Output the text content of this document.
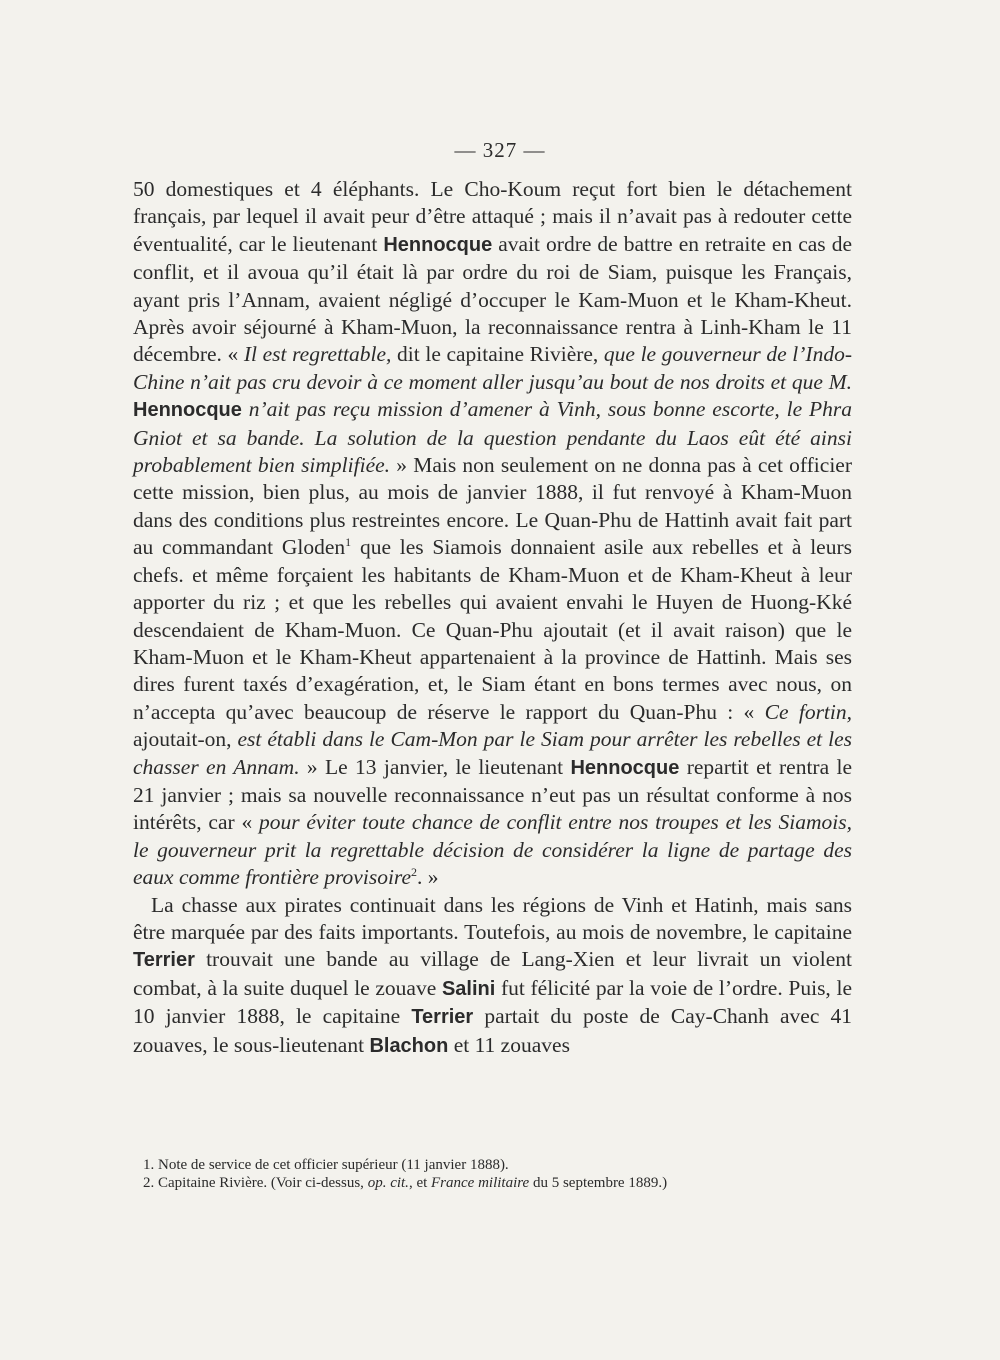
— 327 —

50 domestiques et 4 éléphants. Le Cho-Koum reçut fort bien le détachement français, par lequel il avait peur d’être attaqué ; mais il n’avait pas à redouter cette éventualité, car le lieutenant Hennocque avait ordre de battre en retraite en cas de conflit, et il avoua qu’il était là par ordre du roi de Siam, puisque les Français, ayant pris l’Annam, avaient négligé d’occuper le Kam-Muon et le Kham-Kheut. Après avoir séjourné à Kham-Muon, la reconnaissance rentra à Linh-Kham le 11 décembre. « Il est regrettable, dit le capitaine Rivière, que le gouverneur de l’Indo-Chine n’ait pas cru devoir à ce moment aller jusqu’au bout de nos droits et que M. Hennocque n’ait pas reçu mission d’amener à Vinh, sous bonne escorte, le Phra Gniot et sa bande. La solution de la question pendante du Laos eût été ainsi probablement bien simplifiée. » Mais non seulement on ne donna pas à cet officier cette mission, bien plus, au mois de janvier 1888, il fut renvoyé à Kham-Muon dans des conditions plus restreintes encore. Le Quan-Phu de Hattinh avait fait part au commandant Gloden$^1$ que les Siamois donnaient asile aux rebelles et à leurs chefs. et même forçaient les habitants de Kham-Muon et de Kham-Kheut à leur apporter du riz ; et que les rebelles qui avaient envahi le Huyen de Huong-Kké descendaient de Kham-Muon. Ce Quan-Phu ajoutait (et il avait raison) que le Kham-Muon et le Kham-Kheut appartenaient à la province de Hattinh. Mais ses dires furent taxés d’exagération, et, le Siam étant en bons termes avec nous, on n’accepta qu’avec beaucoup de réserve le rapport du Quan-Phu : « Ce fortin, ajoutait-on, est établi dans le Cam-Mon par le Siam pour arrêter les rebelles et les chasser en Annam. » Le 13 janvier, le lieutenant Hennocque repartit et rentra le 21 janvier ; mais sa nouvelle reconnaissance n’eut pas un résultat conforme à nos intérêts, car « pour éviter toute chance de conflit entre nos troupes et les Siamois, le gouverneur prit la regrettable décision de considérer la ligne de partage des eaux comme frontière provisoire$^2$. »

La chasse aux pirates continuait dans les régions de Vinh et Hatinh, mais sans être marquée par des faits importants. Toutefois, au mois de novembre, le capitaine Terrier trouvait une bande au village de Lang-Xien et leur livrait un violent combat, à la suite duquel le zouave Salini fut félicité par la voie de l’ordre. Puis, le 10 janvier 1888, le capitaine Terrier partait du poste de Cay-Chanh avec 41 zouaves, le sous-lieutenant Blachon et 11 zouaves

1. Note de service de cet officier supérieur (11 janvier 1888).
2. Capitaine Rivière. (Voir ci-dessus, op. cit., et France militaire du 5 septembre 1889.)
